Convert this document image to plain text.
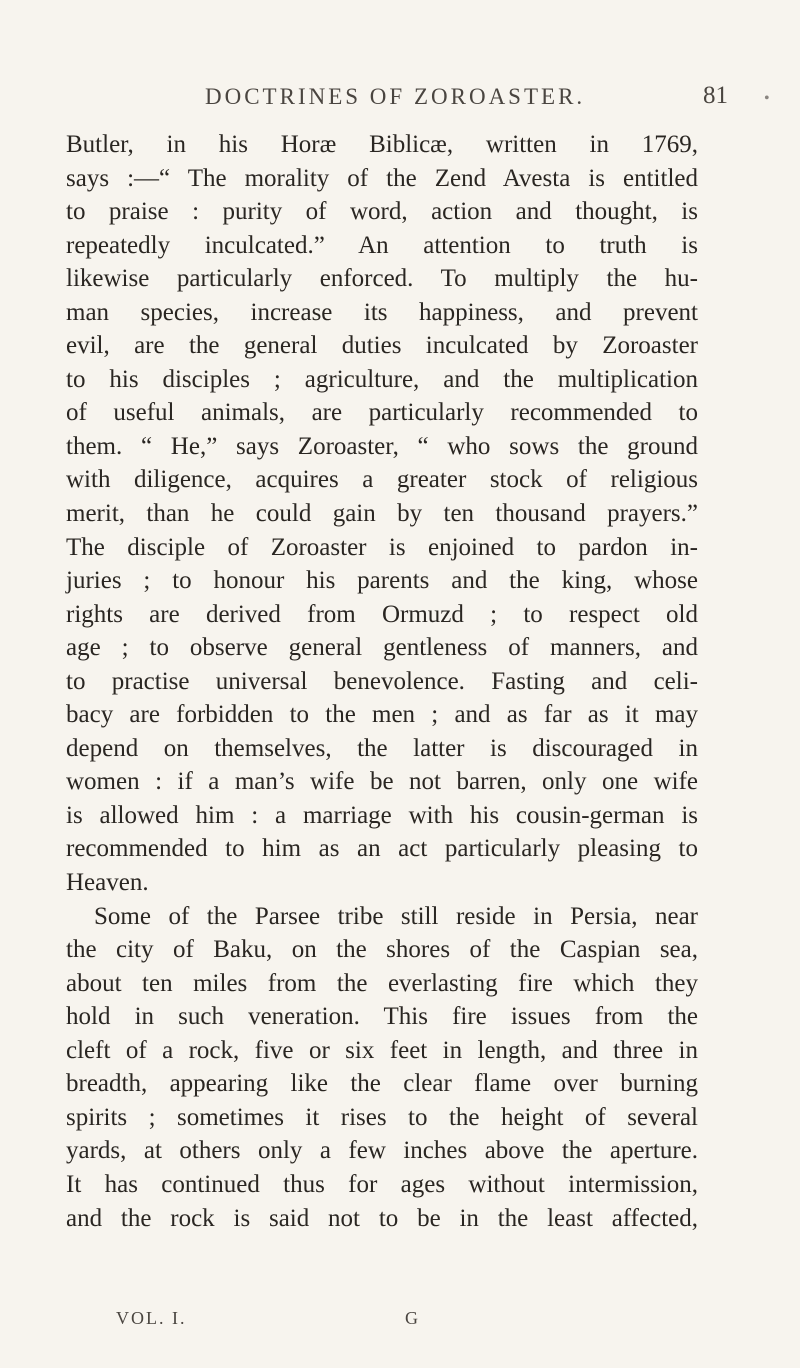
DOCTRINES OF ZOROASTER.	81 •
Butler, in his Horæ Biblicæ, written in 1769,
says :—“ The morality of the Zend Avesta is entitled
to praise : purity of word, action and thought, is
repeatedly inculcated.” An attention to truth is
likewise particularly enforced. To multiply the hu-
man species, increase its happiness, and prevent
evil, are the general duties inculcated by Zoroaster
to his disciples ; agriculture, and the multiplication
of useful animals, are particularly recommended to
them. “ He,” says Zoroaster, “ who sows the ground
with diligence, acquires a greater stock of religious
merit, than he could gain by ten thousand prayers.”
The disciple of Zoroaster is enjoined to pardon in-
juries ; to honour his parents and the king, whose
rights are derived from Ormuzd ; to respect old
age ; to observe general gentleness of manners, and
to practise universal benevolence. Fasting and celi-
bacy are forbidden to the men ; and as far as it may
depend on themselves, the latter is discouraged in
women : if a man’s wife be not barren, only one wife
is allowed him : a marriage with his cousin-german is
recommended to him as an act particularly pleasing to
Heaven.
Some of the Parsee tribe still reside in Persia, near
the city of Baku, on the shores of the Caspian sea,
about ten miles from the everlasting fire which they
hold in such veneration. This fire issues from the
cleft of a rock, five or six feet in length, and three in
breadth, appearing like the clear flame over burning
spirits ; sometimes it rises to the height of several
yards, at others only a few inches above the aperture.
It has continued thus for ages without intermission,
and the rock is said not to be in the least affected,
VOL. I.	G
